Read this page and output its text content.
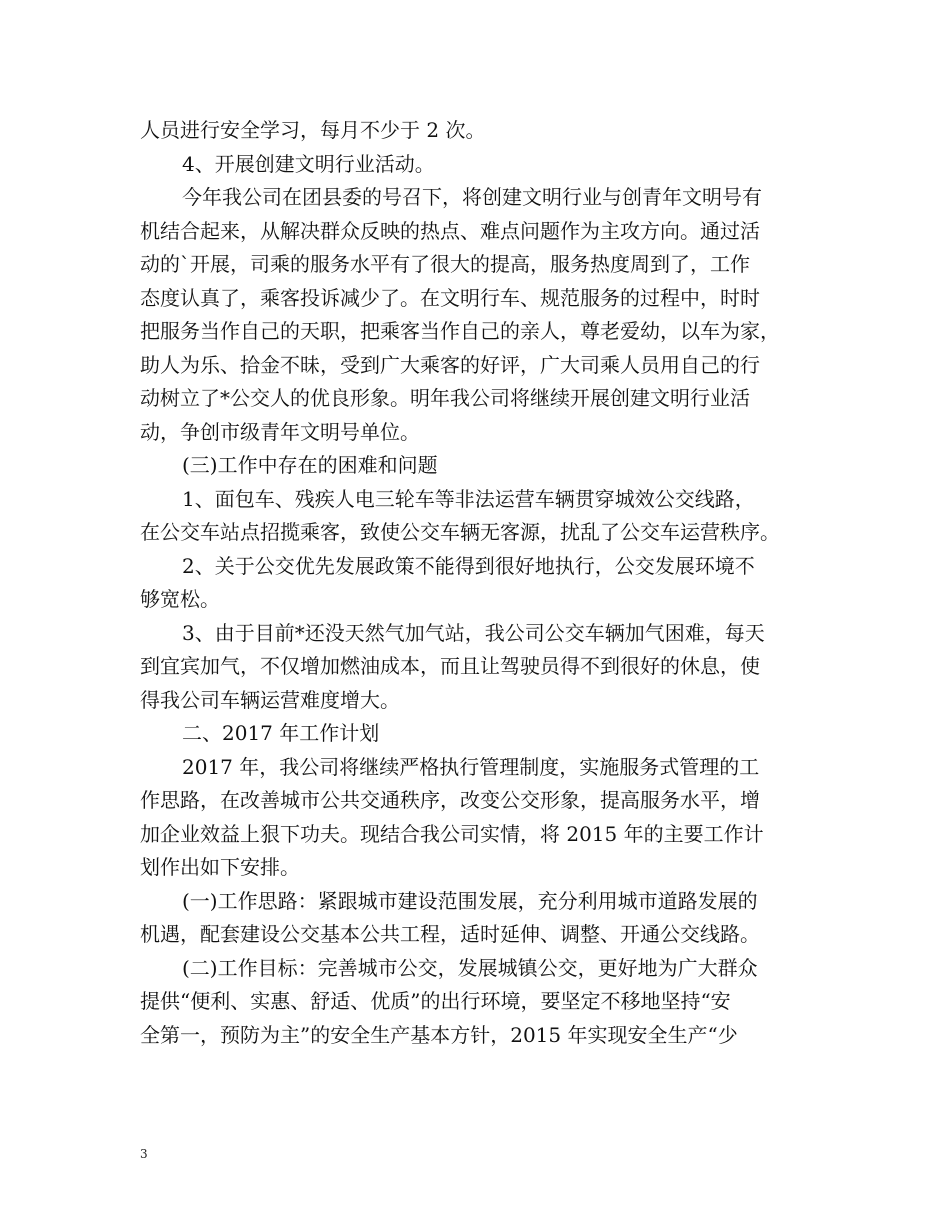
人员进行安全学习，每月不少于 2 次。
4、开展创建文明行业活动。
今年我公司在团县委的号召下，将创建文明行业与创青年文明号有
机结合起来，从解决群众反映的热点、难点问题作为主攻方向。通过活
动的`开展，司乘的服务水平有了很大的提高，服务热度周到了，工作
态度认真了，乘客投诉减少了。在文明行车、规范服务的过程中，时时
把服务当作自己的天职，把乘客当作自己的亲人，尊老爱幼，以车为家，
助人为乐、拾金不昧，受到广大乘客的好评，广大司乘人员用自己的行
动树立了*公交人的优良形象。明年我公司将继续开展创建文明行业活
动，争创市级青年文明号单位。
(三)工作中存在的困难和问题
1、面包车、残疾人电三轮车等非法运营车辆贯穿城效公交线路，
在公交车站点招揽乘客，致使公交车辆无客源，扰乱了公交车运营秩序。
2、关于公交优先发展政策不能得到很好地执行，公交发展环境不
够宽松。
3、由于目前*还没天然气加气站，我公司公交车辆加气困难，每天
到宜宾加气，不仅增加燃油成本，而且让驾驶员得不到很好的休息，使
得我公司车辆运营难度增大。
二、2017 年工作计划
2017 年，我公司将继续严格执行管理制度，实施服务式管理的工
作思路，在改善城市公共交通秩序，改变公交形象，提高服务水平，增
加企业效益上狠下功夫。现结合我公司实情，将 2015 年的主要工作计
划作出如下安排。
(一)工作思路：紧跟城市建设范围发展，充分利用城市道路发展的
机遇，配套建设公交基本公共工程，适时延伸、调整、开通公交线路。
(二)工作目标：完善城市公交，发展城镇公交，更好地为广大群众
提供“便利、实惠、舒适、优质”的出行环境，要坚定不移地坚持“安
全第一，预防为主”的安全生产基本方针，2015 年实现安全生产“少
3
